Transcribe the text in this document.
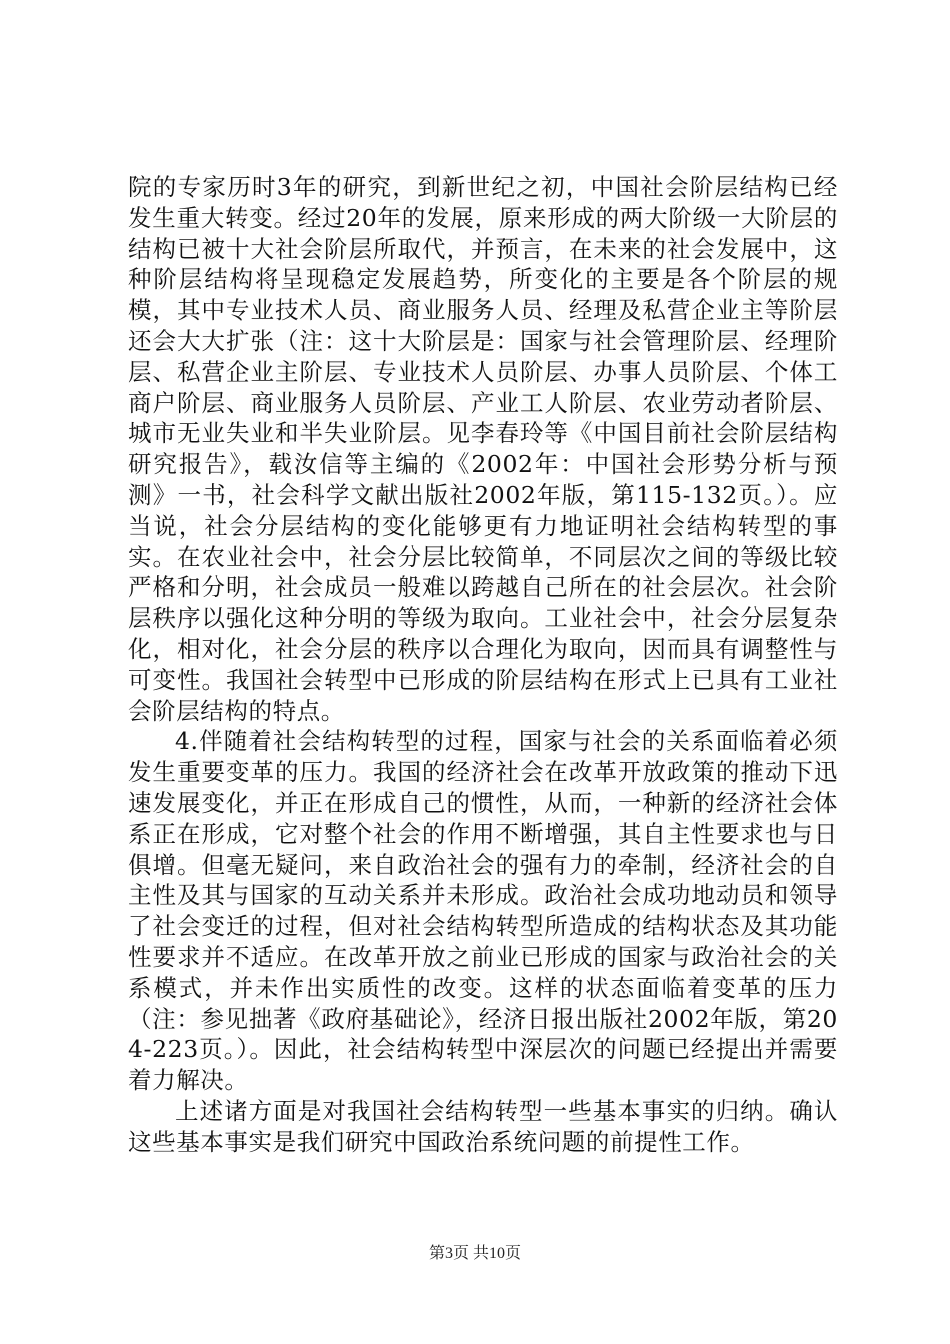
院的专家历时3年的研究，到新世纪之初，中国社会阶层结构已经发生重大转变。经过20年的发展，原来形成的两大阶级一大阶层的结构已被十大社会阶层所取代，并预言，在未来的社会发展中，这种阶层结构将呈现稳定发展趋势，所变化的主要是各个阶层的规模，其中专业技术人员、商业服务人员、经理及私营企业主等阶层还会大大扩张（注：这十大阶层是：国家与社会管理阶层、经理阶层、私营企业主阶层、专业技术人员阶层、办事人员阶层、个体工商户阶层、商业服务人员阶层、产业工人阶层、农业劳动者阶层、城市无业失业和半失业阶层。见李春玲等《中国目前社会阶层结构研究报告》，载汝信等主编的《2002年：中国社会形势分析与预测》一书，社会科学文献出版社2002年版，第115-132页。）。应当说，社会分层结构的变化能够更有力地证明社会结构转型的事实。在农业社会中，社会分层比较简单，不同层次之间的等级比较严格和分明，社会成员一般难以跨越自己所在的社会层次。社会阶层秩序以强化这种分明的等级为取向。工业社会中，社会分层复杂化，相对化，社会分层的秩序以合理化为取向，因而具有调整性与可变性。我国社会转型中已形成的阶层结构在形式上已具有工业社会阶层结构的特点。

4.伴随着社会结构转型的过程，国家与社会的关系面临着必须发生重要变革的压力。我国的经济社会在改革开放政策的推动下迅速发展变化，并正在形成自己的惯性，从而，一种新的经济社会体系正在形成，它对整个社会的作用不断增强，其自主性要求也与日俱增。但毫无疑问，来自政治社会的强有力的牵制，经济社会的自主性及其与国家的互动关系并未形成。政治社会成功地动员和领导了社会变迁的过程，但对社会结构转型所造成的结构状态及其功能性要求并不适应。在改革开放之前业已形成的国家与政治社会的关系模式，并未作出实质性的改变。这样的状态面临着变革的压力（注：参见拙著《政府基础论》，经济日报出版社2002年版，第204-223页。）。因此，社会结构转型中深层次的问题已经提出并需要着力解决。

上述诸方面是对我国社会结构转型一些基本事实的归纳。确认这些基本事实是我们研究中国政治系统问题的前提性工作。

第3页 共10页
